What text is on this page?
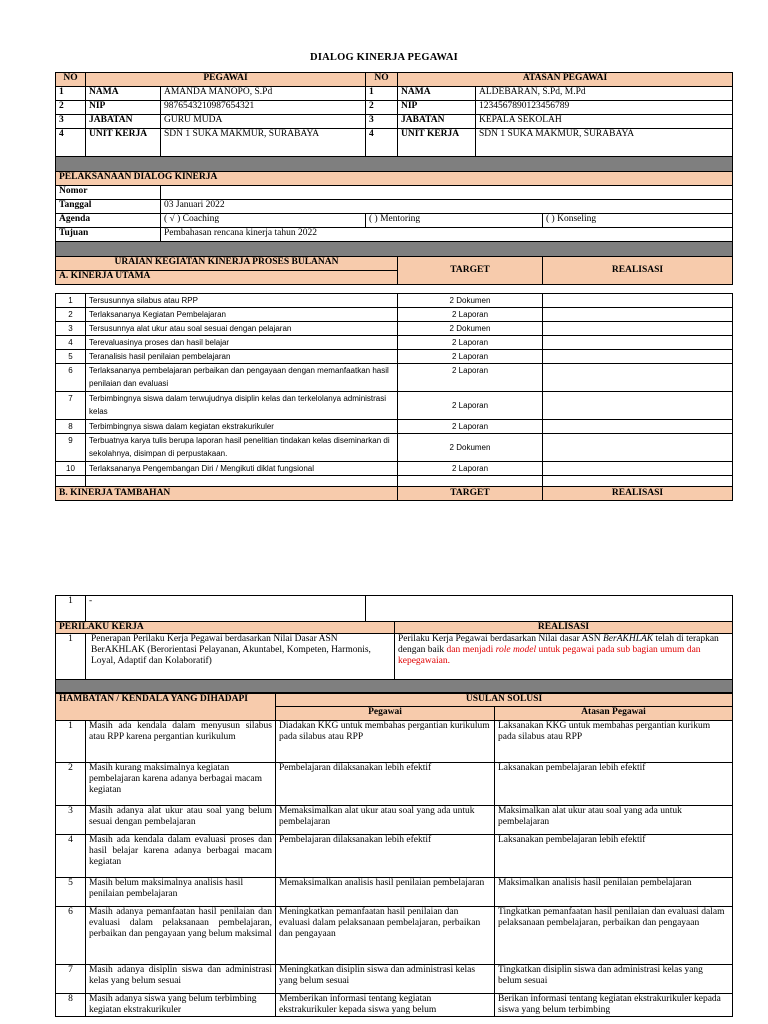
DIALOG KINERJA PEGAWAI
NO	PEGAWAI		NO	ATASAN PEGAWAI		
1	NAMA	AMANDA MANOPO, S.Pd	1	NAMA	ALDEBARAN, S.Pd, M.Pd	
2	NIP	987654321098765432​1	2	NIP	12345678901234567​89	
3	JABATAN	GURU MUDA	3	JABATAN	KEPALA SEKOLAH	
4	UNIT KERJA	SDN 1 SUKA MAKMUR, SURABAYA	4	UNIT KERJA	SDN 1 SUKA MAKMUR, SURABAYA	

PELAKSANAAN DIALOG KINERJA						
Nomor						
Tanggal		03 Januari 2022				
Agenda		( √ ) Coaching	( ) Mentoring			( ) Konseling
Tujuan		Pembahasan rencana kinerja tahun 2022				

URAIAN KEGIATAN KINERJA PROSES BULANAN				TARGET		REALISASI
A. KINERJA UTAMA						
1	Tersusunnya silabus atau RPP	2 Dokumen	
2	Terlaksananya Kegiatan Pembelajaran	2 Laporan	
3	Tersusunnya alat ukur atau soal sesuai dengan pelajaran	2 Dokumen	
4	Terevaluasinya proses dan hasil belajar	2 Laporan	
5	Teranalisis hasil penilaian pembelajaran	2 Laporan	
6	Terlaksananya pembelajaran perbaikan dan pengayaan dengan memanfaatkan hasil penilaian dan evaluasi	2 Laporan	
7	Terbimbingnya siswa dalam terwujudnya disiplin kelas dan terkelolanya administrasi kelas	2 Laporan	
8	Terbimbingnya siswa dalam kegiatan ekstrakurikuler	2 Laporan	
9	Terbuatnya karya tulis berupa laporan hasil penelitian tindakan kelas diseminarkan di sekolahnya, disimpan di perpustakaan.	2 Dokumen	
10	Terlaksananya Pengembangan Diri / Mengikuti diklat fungsional	2 Laporan	

B. KINERJA TAMBAHAN		TARGET	REALISASI
1	-		
PERILAKU KERJA			REALISASI
1	Penerapan Perilaku Kerja Pegawai berdasarkan Nilai Dasar ASN BerAKHLAK (Berorientasi Pelayanan, Akuntabel, Kompeten, Harmonis, Loyal, Adaptif dan Kolaboratif)		Perilaku Kerja Pegawai berdasarkan Nilai dasar ASN BerAKHLAK telah di terapkan dengan baik dan menjadi role model untuk pegawai pada sub bagian umum dan kepegawaian.

HAMBATAN / KENDALA YANG DIHADAPI		USULAN SOLUSI	
		Pegawai	Atasan Pegawai
1	Masih ada kendala dalam menyusun silabus atau RPP karena pergantian kurikulum	Diadakan KKG untuk membahas pergantian kurikulum pada silabus atau RPP	Laksanakan KKG untuk membahas pergantian kurikum pada silabus atau RPP
2	Masih kurang maksimalnya kegiatan pembelajaran karena adanya berbagai macam kegiatan	Pembelajaran dilaksanakan lebih efektif	Laksanakan pembelajaran lebih efektif
3	Masih adanya alat ukur atau soal yang belum sesuai dengan pembelajaran	Memaksimalkan alat ukur atau soal yang ada untuk pembelajaran	Maksimalkan alat ukur atau soal yang ada untuk pembelajaran
4	Masih ada kendala dalam evaluasi proses dan hasil belajar karena adanya berbagai macam kegiatan	Pembelajaran dilaksanakan lebih efektif	Laksanakan pembelajaran lebih efektif
5	Masih belum maksimalnya analisis hasil penilaian pembelajaran	Memaksimalkan analisis hasil penilaian pembelajaran	Maksimalkan analisis hasil penilaian pembelajaran
6	Masih adanya pemanfaatan hasil penilaian dan evaluasi dalam pelaksanaan pembelajaran, perbaikan dan pengayaan yang belum maksimal	Meningkatkan pemanfaatan hasil penilaian dan evaluasi dalam pelaksanaan pembelajaran, perbaikan dan pengayaan	Tingkatkan pemanfaatan hasil penilaian dan evaluasi dalam pelaksanaan pembelajaran, perbaikan dan pengayaan
7	Masih adanya disiplin siswa dan administrasi kelas yang belum sesuai	Meningkatkan disiplin siswa dan administrasi kelas yang belum sesuai	Tingkatkan disiplin siswa dan administrasi kelas yang belum sesuai
8	Masih adanya siswa yang belum terbimbing kegiatan ekstrakurikuler	Memberikan informasi tentang kegiatan ekstrakurikuler kepada siswa yang belum	Berikan informasi tentang kegiatan ekstrakurikuler kepada siswa yang belum terbimbing
